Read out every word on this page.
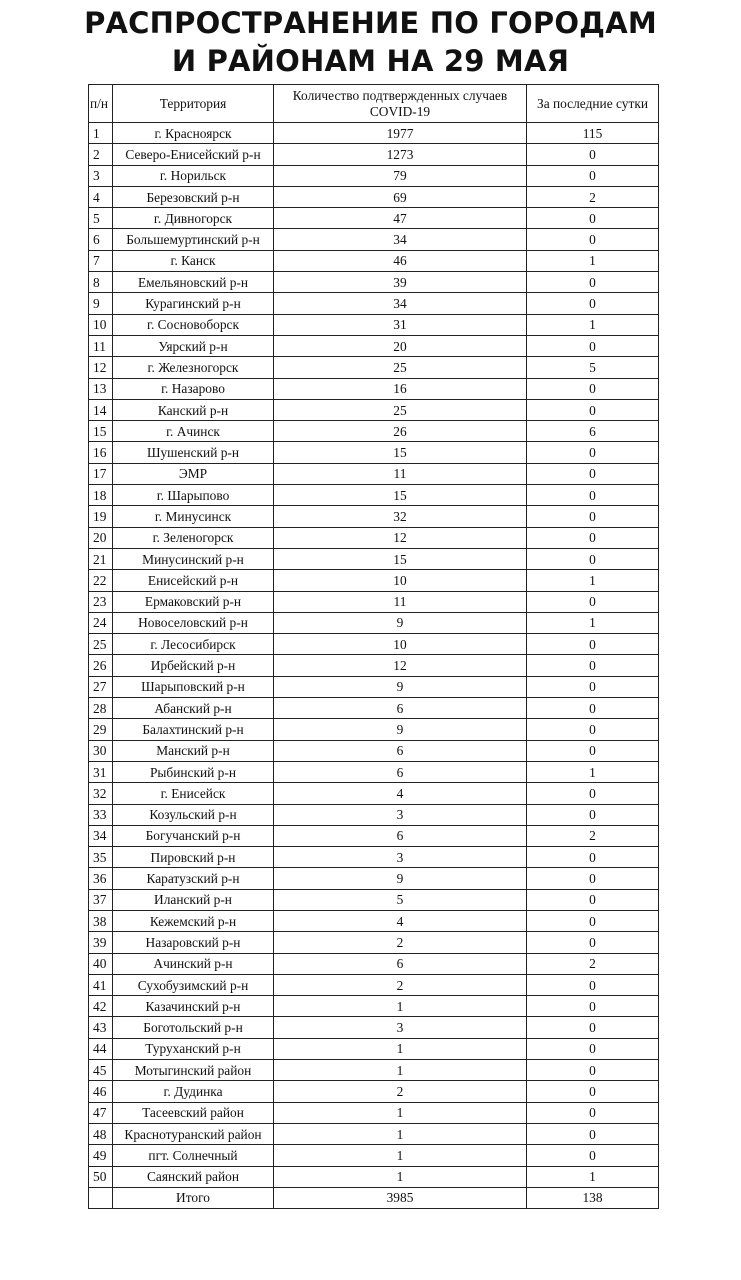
РАСПРОСТРАНЕНИЕ ПО ГОРОДАМ
И РАЙОНАМ НА 29 МАЯ
п/н	Территория	Количество подтвержденных случаев COVID-19	За последние сутки
1	г. Красноярск	1977	115
2	Северо-Енисейский р-н	1273	0
3	г. Норильск	79	0
4	Березовский р-н	69	2
5	г. Дивногорск	47	0
6	Большемуртинский р-н	34	0
7	г. Канск	46	1
8	Емельяновский р-н	39	0
9	Курагинский р-н	34	0
10	г. Сосновоборск	31	1
11	Уярский р-н	20	0
12	г. Железногорск	25	5
13	г. Назарово	16	0
14	Канский р-н	25	0
15	г. Ачинск	26	6
16	Шушенский р-н	15	0
17	ЭМР	11	0
18	г. Шарыпово	15	0
19	г. Минусинск	32	0
20	г. Зеленогорск	12	0
21	Минусинский р-н	15	0
22	Енисейский р-н	10	1
23	Ермаковский р-н	11	0
24	Новоселовский р-н	9	1
25	г. Лесосибирск	10	0
26	Ирбейский р-н	12	0
27	Шарыповский р-н	9	0
28	Абанский р-н	6	0
29	Балахтинский р-н	9	0
30	Манский р-н	6	0
31	Рыбинский р-н	6	1
32	г. Енисейск	4	0
33	Козульский р-н	3	0
34	Богучанский р-н	6	2
35	Пировский р-н	3	0
36	Каратузский р-н	9	0
37	Иланский р-н	5	0
38	Кежемский р-н	4	0
39	Назаровский р-н	2	0
40	Ачинский р-н	6	2
41	Сухобузимский р-н	2	0
42	Казачинский р-н	1	0
43	Боготольский р-н	3	0
44	Туруханский р-н	1	0
45	Мотыгинский район	1	0
46	г. Дудинка	2	0
47	Тасеевский район	1	0
48	Краснотуранский район	1	0
49	пгт. Солнечный	1	0
50	Саянский район	1	1
	Итого	3985	138
